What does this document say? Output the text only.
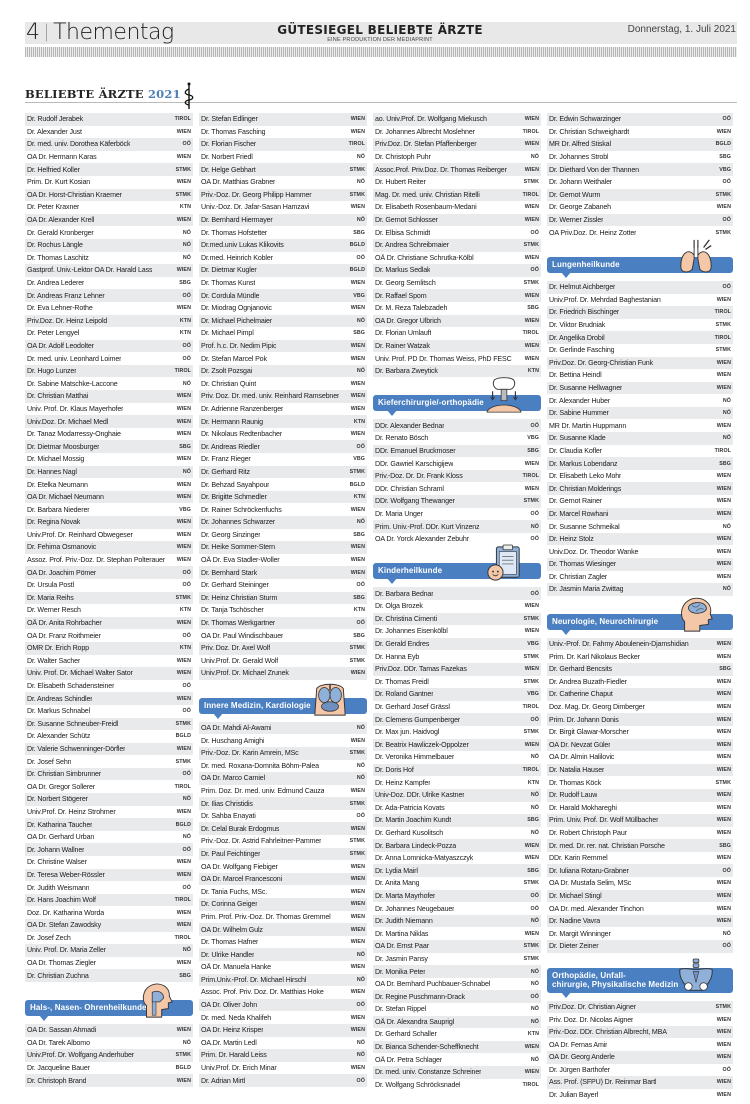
4 | Thementag	GÜTESIEGEL BELIEBTE ÄRZTE
EINE PRODUKTION DER MEDIAPRINT
Donnerstag, 1. Juli 2021
BELIEBTE ÄRZTE 2021
Dr. Rudolf Jerabek	TIROL
Dr. Alexander Just	WIEN
Dr. med. univ. Dorothea Käferböck	OÖ
OA Dr. Hermann Karas	WIEN
Dr. Helfried Koller	STMK
Prim. Dr. Kurt Kosian	WIEN
OA Dr. Horst-Christian Kraemer	STMK
Dr. Peter Kraxner	KTN
OA Dr. Alexander Krell	WIEN
Dr. Gerald Kronberger	NÖ
Dr. Rochus Längle	NÖ
Dr. Thomas Laschitz	NÖ
Gastprof. Univ.-Lektor OA Dr. Harald Lass	WIEN
Dr. Andrea Lederer	SBG
Dr. Andreas Franz Lehner	OÖ
Dr. Eva Lehner-Rothe	WIEN
Priv.Doz. Dr. Heinz Leipold	KTN
Dr. Peter Lengyel	KTN
OA Dr. Adolf Leodolter	OÖ
Dr. med. univ. Leonhard Loimer	OÖ
Dr. Hugo Lunzer	TIROL
Dr. Sabine Matschke-Laccone	NÖ
Dr. Christian Matthai	WIEN
Univ. Prof. Dr. Klaus Mayerhofer	WIEN
Univ.Doz. Dr. Michael Medl	WIEN
Dr. Tanaz Modarressy-Onghaie	WIEN
Dr. Dietmar Moosburger	SBG
Dr. Michael Mossig	WIEN
Dr. Hannes Nagl	NÖ
Dr. Etelka Neumann	WIEN
OA Dr. Michael Neumann	WIEN
Dr. Barbara Niederer	VBG
Dr. Regina Novak	WIEN
Univ.Prof. Dr. Reinhard Obwegeser	WIEN
Dr. Fehima Osmanovic	WIEN
Assoz. Prof. Priv.-Doz. Dr. Stephan Polterauer WIEN
OA Dr. Joachim Pömer	OÖ
Dr. Ursula Postl	OÖ
Dr. Maria Reihs	STMK
Dr. Werner Resch	KTN
OÄ Dr. Anita Rohrbacher	WIEN
OA Dr. Franz Roithmeier	OÖ
OMR Dr. Erich Ropp	KTN
Dr. Walter Sacher	WIEN
Univ. Prof. Dr. Michael Walter Sator	WIEN
Dr. Elisabeth Schadensteiner	OÖ
Dr. Andreas Schindler	WIEN
Dr. Markus Schnabel	OÖ
Dr. Susanne Schneuber-Freidl	STMK
Dr. Alexander Schütz	BGLD
Dr. Valerie Schwenninger-Dörfler	WIEN
Dr. Josef Sehn	STMK
Dr. Christian Simbrunner	OÖ
OA Dr. Gregor Sollerer	TIROL
Dr. Norbert Stögerer	NÖ
Univ.Prof. Dr. Heinz Strohmer	WIEN
Dr. Katharina Taucher	BGLD
OA Dr. Gerhard Urban	NÖ
Dr. Johann Wallner	OÖ
Dr. Christine Walser	WIEN
Dr. Teresa Weber-Rössler	WIEN
Dr. Judith Weismann	OÖ
Dr. Hans Joachim Wolf	TIROL
Doz. Dr. Katharina Worda	WIEN
OA Dr. Stefan Zawodsky	WIEN
Dr. Josef Zech	TIROL
Univ. Prof. Dr. Maria Zeller	NÖ
OA Dr. Thomas Ziegler	WIEN
Dr. Christian Zuchna	SBG
Hals-, Nasen- Ohrenheilkunde
OA Dr. Sassan Ahmadi	WIEN
OA Dr. Tarek Albomo	NÖ
Univ.Prof. Dr. Wolfgang Anderhuber	STMK
Dr. Jacqueline Bauer	BGLD
Dr. Christoph Brand	WIEN
Dr. Stefan Edlinger	WIEN
Dr. Thomas Fasching	WIEN
Dr. Florian Fischer	TIROL
Dr. Norbert Friedl	NÖ
Dr. Helge Gebhart	STMK
OA Dr. Matthias Grabner	NÖ
Priv.-Doz. Dr. Georg Philipp Hammer	STMK
Univ.-Doz. Dr. Jafar-Sasan Hamzavi	WIEN
Dr. Bernhard Hiermayer	NÖ
Dr. Thomas Hofstetter	SBG
Dr.med.univ Lukas Klikovits	BGLD
Dr.med. Heinrich Kobler	OÖ
Dr. Dietmar Kugler	BGLD
Dr. Thomas Kunst	WIEN
Dr. Cordula Mündle	VBG
Dr. Miodrag Ognjanovic	WIEN
Dr. Michael Pichelmaier	NÖ
Dr. Michael Pimpl	SBG
Prof. h.c. Dr. Nedim Pipic	WIEN
Dr. Stefan Marcel Pok	WIEN
Dr. Zsolt Pozsgai	NÖ
Dr. Christian Quint	WIEN
Priv. Doz. Dr. med. univ. Reinhard Ramsebner WIEN
Dr. Adrienne Ranzenberger	WIEN
Dr. Hermann Raunig	KTN
Dr. Nikolaus Redtenbacher	WIEN
Dr. Andreas Riedler	OÖ
Dr. Franz Rieger	VBG
Dr. Gerhard Ritz	STMK
Dr. Behzad Sayahpour	BGLD
Dr. Brigitte Schmedler	KTN
Dr. Rainer Schröckenfuchs	WIEN
Dr. Johannes Schwarzer	NÖ
Dr. Georg Sinzinger	SBG
Dr. Heike Sommer-Stern	WIEN
OÄ Dr. Eva Stadler-Woller	WIEN
Dr. Bernhard Stark	WIEN
Dr. Gerhard Steininger	OÖ
Dr. Heinz Christian Sturm	SBG
Dr. Tanja Tschöscher	KTN
Dr. Thomas Werkgartner	OÖ
OA Dr. Paul Windischbauer	SBG
Priv. Doz. Dr. Axel Wolf	STMK
Univ.Prof. Dr. Gerald Wolf	STMK
Univ.Prof. Dr. Michael Zrunek	WIEN
Innere Medizin, Kardiologie
OA Dr. Mahdi Al-Awami	NÖ
Dr. Huschang Amighi	WIEN
Priv.-Doz. Dr. Karin Amrein, MSc	STMK
Dr. med. Roxana-Domnita Böhm-Palea	NÖ
OA Dr. Marco Carniel	NÖ
Prim. Doz. Dr. med. univ. Edmund Cauza	WIEN
Dr. Ilias Christidis	STMK
Dr. Sahba Enayati	OÖ
Dr. Celal Burak Erdogmus	WIEN
Priv.-Doz. Dr. Astrid Fahrleitner-Pammer	STMK
Dr. Paul Feichtinger	STMK
OA Dr. Wolfgang Fiebiger	WIEN
OA Dr. Marcel Francesconi	WIEN
Dr. Tania Fuchs, MSc.	WIEN
Dr. Corinna Geiger	WIEN
Prim. Prof. Priv.-Doz. Dr. Thomas Gremmel	WIEN
OA Dr. Wilhelm Gulz	WIEN
Dr. Thomas Hafner	WIEN
Dr. Ulrike Handler	NÖ
OÄ Dr. Manuela Hanke	WIEN
Prim.Univ.-Prof. Dr. Michael Hirschl	NÖ
Assoc. Prof. Priv. Doz. Dr. Matthias Hoke	WIEN
OA Dr. Oliver John	OÖ
Dr. med. Neda Khalifeh	WIEN
OA Dr. Heinz Krisper	WIEN
OA.Dr. Martin Ledl	NÖ
Prim. Dr. Harald Leiss	NÖ
Univ.Prof. Dr. Erich Minar	WIEN
Dr. Adrian Mirtl	OÖ
ao. Univ.Prof. Dr. Wolfgang Miekusch	WIEN
Dr. Johannes Albrecht Moslehner	TIROL
Priv.Doz. Dr. Stefan Pfaffenberger	WIEN
Dr. Christoph Puhr	NÖ
Assoc.Prof. Priv.Doz. Dr. Thomas Reiberger	WIEN
Dr. Hubert Reiter	STMK
Mag. Dr. med. univ. Christian Ritelli	TIROL
Dr. Elisabeth Rosenbaum-Medani	WIEN
Dr. Gernot Schlosser	WIEN
Dr. Elbisa Schmidt	OÖ
Dr. Andrea Schreibmaier	STMK
OÄ Dr. Christiane Schrutka-Kölbl	WIEN
Dr. Markus Sedlak	OÖ
Dr. Georg Semlitsch	STMK
Dr. Raffael Spom	WIEN
Dr. M. Reza Talebzadeh	SBG
OA Dr. Gregor Ulbrich	WIEN
Dr. Florian Umlauft	TIROL
Dr. Rainer Watzak	WIEN
Univ. Prof. PD Dr. Thomas Weiss, PhD FESC WIEN
Dr. Barbara Zweytick	KTN
Kieferchirurgie/-orthopädie
DDr. Alexander Bednar	OÖ
Dr. Renato Bösch	VBG
DDr. Emanuel Bruckmoser	SBG
DDr. Gawriel Karschigijew	WIEN
Priv.-Doz. Dr. Dr. Frank Kloss	TIROL
DDr. Christian Schraml	WIEN
DDr. Wolfgang Thewanger	STMK
Dr. Maria Unger	OÖ
Prim. Univ.-Prof. DDr. Kurt Vinzenz	NÖ
OA Dr. Yorck Alexander Zebuhr	OÖ
Kinderheilkunde
Dr. Barbara Bednar	OÖ
Dr. Olga Brozek	WIEN
Dr. Christina Cimenti	STMK
Dr. Johannes Eisenkölbl	WIEN
Dr. Gerald Endres	VBG
Dr. Hanna Eyb	STMK
Priv.Doz. DDr. Tamas Fazekas	WIEN
Dr. Thomas Freidl	STMK
Dr. Roland Gantner	VBG
Dr. Gerhard Josef Grässl	TIROL
Dr. Clemens Gumpenberger	OÖ
Dr. Max jun. Haidvogl	STMK
Dr. Beatrix Hawliczek-Oppolzer	WIEN
Dr. Veronika Himmelbauer	NÖ
Dr. Doris Hof	TIROL
Dr. Heinz Kampfer	KTN
Univ-Doz. DDr. Ulrike Kastner	NÖ
Dr. Ada-Patricia Kovats	NÖ
Dr. Martin Joachim Kundt	SBG
Dr. Gerhard Kusolitsch	NÖ
Dr. Barbara Lindeck-Pozza	WIEN
Dr. Anna Lomnicka-Matyaszczyk	WIEN
Dr. Lydia Mairl	SBG
Dr. Anita Mang	STMK
Dr. Marta Mayrhofer	OÖ
Dr. Johannes Neugebauer	OÖ
Dr. Judith Niemann	NÖ
Dr. Martina Niklas	WIEN
OA Dr. Ernst Paar	STMK
Dr. Jasmin Pansy	STMK
Dr. Monika Peter	NÖ
OA Dr. Bernhard Puchbauer-Schnabel	NÖ
Dr. Regine Puschmann-Drack	OÖ
Dr. Stefan Rippel	NÖ
OÄ Dr. Alexandra Sauprigl	NÖ
Dr. Gerhard Schaller	KTN
Dr. Bianca Schender-Scheffknecht	WIEN
OÄ Dr. Petra Schlager	NÖ
Dr. med. univ. Constanze Schreiner	WIEN
Dr. Wolfgang Schröcksnadel	TIROL
Dr. Edwin Schwarzinger	OÖ
Dr. Christian Schweighardt	WIEN
MR Dr. Alfred Stiskal	BGLD
Dr. Johannes Strobl	SBG
Dr. Diethard Von der Thannen	VBG
Dr. Johann Weithaler	OÖ
Dr. Gernot Wurm	STMK
Dr. George Zabaneh	WIEN
Dr. Werner Zissler	OÖ
OA Priv.Doz. Dr. Heinz Zotter	STMK
Lungenheilkunde
Dr. Helmut Aichberger	OÖ
Univ.Prof. Dr. Mehrdad Baghestanian	WIEN
Dr. Friedrich Bischinger	TIROL
Dr. Viktor Brudniak	STMK
Dr. Angelika Drobil	TIROL
Dr. Gerlinde Fasching	STMK
Priv.Doz. Dr. Georg-Christian Funk	WIEN
Dr. Bettina Heindl	WIEN
Dr. Susanne Hellwagner	WIEN
Dr. Alexander Huber	NÖ
Dr. Sabine Hummer	NÖ
MR Dr. Martin Huppmann	WIEN
Dr. Susanne Klade	NÖ
Dr. Claudia Kofler	TIROL
Dr. Markus Lobendanz	SBG
Dr. Elisabeth Leko Mohr	WIEN
Dr. Christian Molderings	WIEN
Dr. Gernot Rainer	WIEN
Dr. Marcel Rowhani	WIEN
Dr. Susanne Schmeikal	NÖ
Dr. Heinz Stolz	WIEN
Univ.Doz. Dr. Theodor Wanke	WIEN
Dr. Thomas Wiesinger	WIEN
Dr. Christian Zagler	WIEN
Dr. Jasmin Maria Zwittag	NÖ
Neurologie, Neurochirurgie
Univ.-Prof. Dr. Fahmy Aboulenein-Djamshidian	WIEN
Prim. Dr. Karl Nikolaus Becker	WIEN
Dr. Gerhard Bencsits	SBG
Dr. Andrea Buzath-Fiedler	WIEN
Dr. Catherine Chaput	WIEN
Doz. Mag. Dr. Georg Dimberger	WIEN
Prim. Dr. Johann Donis	WIEN
Dr. Birgit Glawar-Morscher	WIEN
OA Dr. Nevzat Güler	WIEN
OA Dr. Almin Halilovic	WIEN
Dr. Natalia Hauser	WIEN
Dr. Thomas Köck	STMK
Dr. Rudolf Lauw	WIEN
Dr. Harald Mokhareghi	WIEN
Prim. Univ. Prof. Dr. Wolf Müllbacher	WIEN
Dr. Robert Christoph Paur	WIEN
Dr. med. Dr. rer. nat. Christian Porsche	SBG
DDr. Karin Remmel	WIEN
Dr. Iuliana Rotaru-Grabner	OÖ
OA Dr. Mustafa Selim, MSc	WIEN
Dr. Michael Stingl	WIEN
OA Dr. med. Alexander Tinchon	WIEN
Dr. Nadine Vavra	WIEN
Dr. Margit Winninger	NÖ
Dr. Dieter Zeiner	OÖ
Orthopädie, Unfall-
chirurgie, Physikalische Medizin
Priv.Doz. Dr. Christian Aigner	STMK
Priv. Doz. Dr. Nicolas Aigner	WIEN
Priv.-Doz. DDr. Christian Albrecht, MBA	WIEN
OA Dr. Fernas Amir	WIEN
OA Dr. Georg Anderle	WIEN
Dr. Jürgen Barthofer	OÖ
Ass. Prof. (SFPU) Dr. Reinmar Bartl	WIEN
Dr. Julian Bayerl	WIEN
